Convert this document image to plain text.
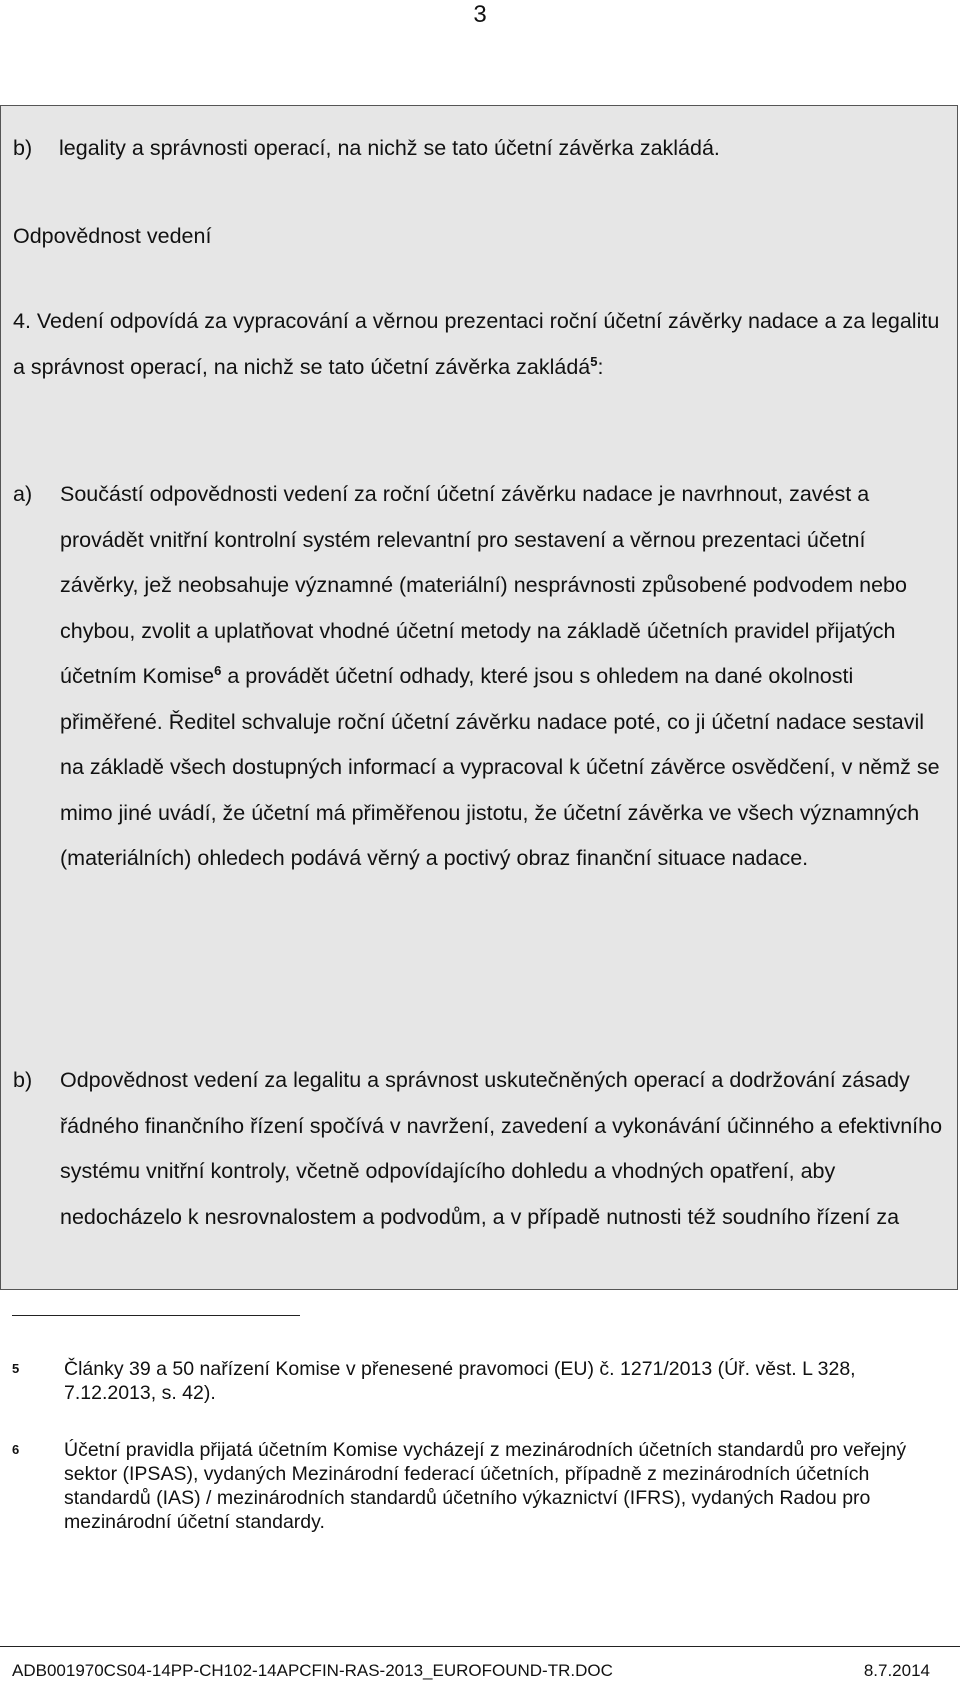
3
b) legality a správnosti operací, na nichž se tato účetní závěrka zakládá.
Odpovědnost vedení
4. Vedení odpovídá za vypracování a věrnou prezentaci roční účetní závěrky nadace a za legalitu a správnost operací, na nichž se tato účetní závěrka zakládá$^5$:
a) Součástí odpovědnosti vedení za roční účetní závěrku nadace je navrhnout, zavést a provádět vnitřní kontrolní systém relevantní pro sestavení a věrnou prezentaci účetní závěrky, jež neobsahuje významné (materiální) nesprávnosti způsobené podvodem nebo chybou, zvolit a uplatňovat vhodné účetní metody na základě účetních pravidel přijatých účetním Komise$^6$ a provádět účetní odhady, které jsou s ohledem na dané okolnosti přiměřené. Ředitel schvaluje roční účetní závěrku nadace poté, co ji účetní nadace sestavil na základě všech dostupných informací a vypracoval k účetní závěrce osvědčení, v němž se mimo jiné uvádí, že účetní má přiměřenou jistotu, že účetní závěrka ve všech významných (materiálních) ohledech podává věrný a poctivý obraz finanční situace nadace.
b) Odpovědnost vedení za legalitu a správnost uskutečněných operací a dodržování zásady řádného finančního řízení spočívá v navržení, zavedení a vykonávání účinného a efektivního systému vnitřní kontroly, včetně odpovídajícího dohledu a vhodných opatření, aby nedocházelo k nesrovnalostem a podvodům, a v případě nutnosti též soudního řízení za
5 Články 39 a 50 nařízení Komise v přenesené pravomoci (EU) č. 1271/2013 (Úř. věst. L 328, 7.12.2013, s. 42).
6 Účetní pravidla přijatá účetním Komise vycházejí z mezinárodních účetních standardů pro veřejný sektor (IPSAS), vydaných Mezinárodní federací účetních, případně z mezinárodních účetních standardů (IAS) / mezinárodních standardů účetního výkaznictví (IFRS), vydaných Radou pro mezinárodní účetní standardy.
ADB001970CS04-14PP-CH102-14APCFIN-RAS-2013_EUROFOUND-TR.DOC	8.7.2014
